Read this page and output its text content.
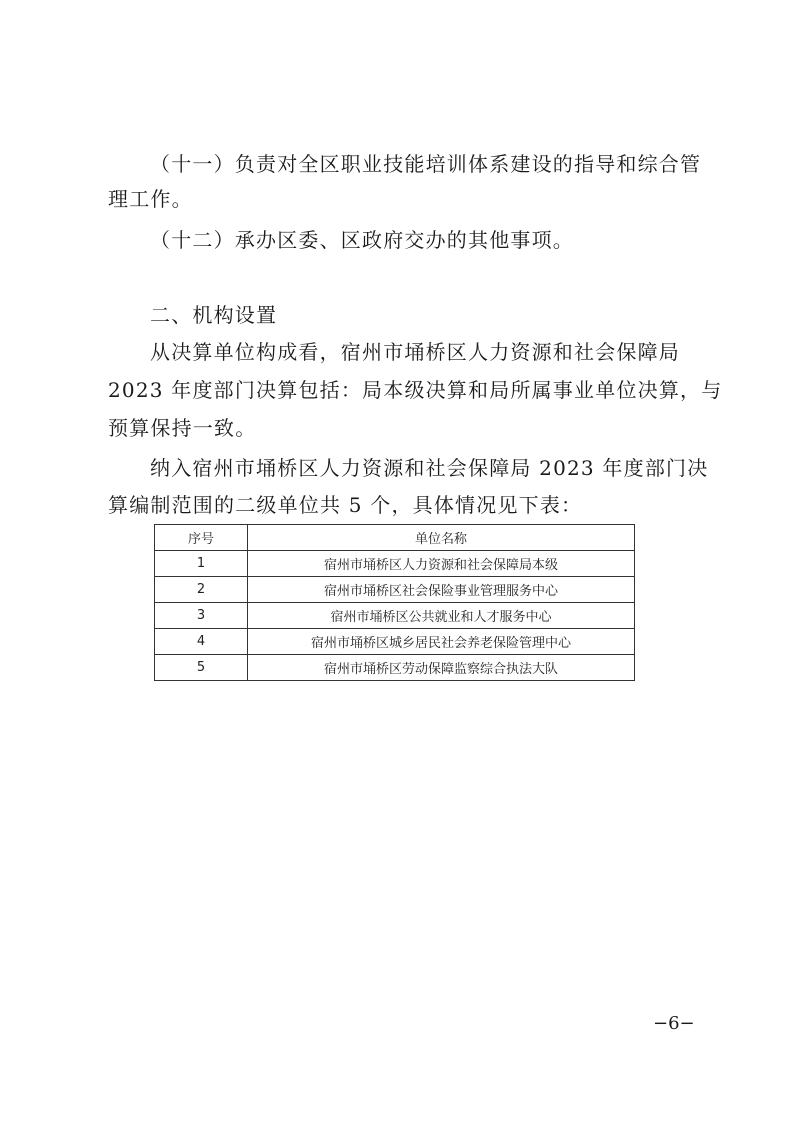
（十一）负责对全区职业技能培训体系建设的指导和综合管
理工作。
（十二）承办区委、区政府交办的其他事项。
二、机构设置
从决算单位构成看，宿州市埇桥区人力资源和社会保障局
2023 年度部门决算包括：局本级决算和局所属事业单位决算，与
预算保持一致。
纳入宿州市埇桥区人力资源和社会保障局 2023 年度部门决
算编制范围的二级单位共 5 个，具体情况见下表：
序号	单位名称
1	宿州市埇桥区人力资源和社会保障局本级
2	宿州市埇桥区社会保险事业管理服务中心
3	宿州市埇桥区公共就业和人才服务中心
4	宿州市埇桥区城乡居民社会养老保险管理中心
5	宿州市埇桥区劳动保障监察综合执法大队
−6−
